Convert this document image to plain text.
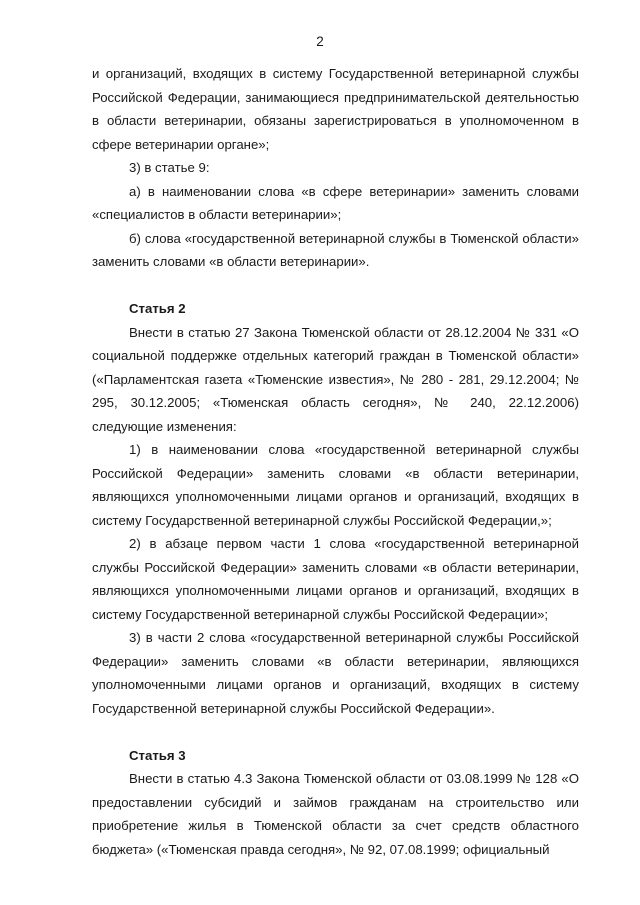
2

и организаций, входящих в систему Государственной ветеринарной службы Российской Федерации, занимающиеся предпринимательской деятельностью в области ветеринарии, обязаны зарегистрироваться в уполномоченном в сфере ветеринарии органе»;

3) в статье 9:

а) в наименовании слова «в сфере ветеринарии» заменить словами «специалистов в области ветеринарии»;

б) слова «государственной ветеринарной службы в Тюменской области» заменить словами «в области ветеринарии».

Статья 2

Внести в статью 27 Закона Тюменской области от 28.12.2004 № 331 «О социальной поддержке отдельных категорий граждан в Тюменской области» («Парламентская газета «Тюменские известия», № 280 - 281, 29.12.2004; № 295, 30.12.2005; «Тюменская область сегодня», № 240, 22.12.2006) следующие изменения:

1) в наименовании слова «государственной ветеринарной службы Российской Федерации» заменить словами «в области ветеринарии, являющихся уполномоченными лицами органов и организаций, входящих в систему Государственной ветеринарной службы Российской Федерации,»;

2) в абзаце первом части 1 слова «государственной ветеринарной службы Российской Федерации» заменить словами «в области ветеринарии, являющихся уполномоченными лицами органов и организаций, входящих в систему Государственной ветеринарной службы Российской Федерации»;

3) в части 2 слова «государственной ветеринарной службы Российской Федерации» заменить словами «в области ветеринарии, являющихся уполномоченными лицами органов и организаций, входящих в систему Государственной ветеринарной службы Российской Федерации».

Статья 3

Внести в статью 4.3 Закона Тюменской области от 03.08.1999 № 128 «О предоставлении субсидий и займов гражданам на строительство или приобретение жилья в Тюменской области за счет средств областного бюджета» («Тюменская правда сегодня», № 92, 07.08.1999; официальный
